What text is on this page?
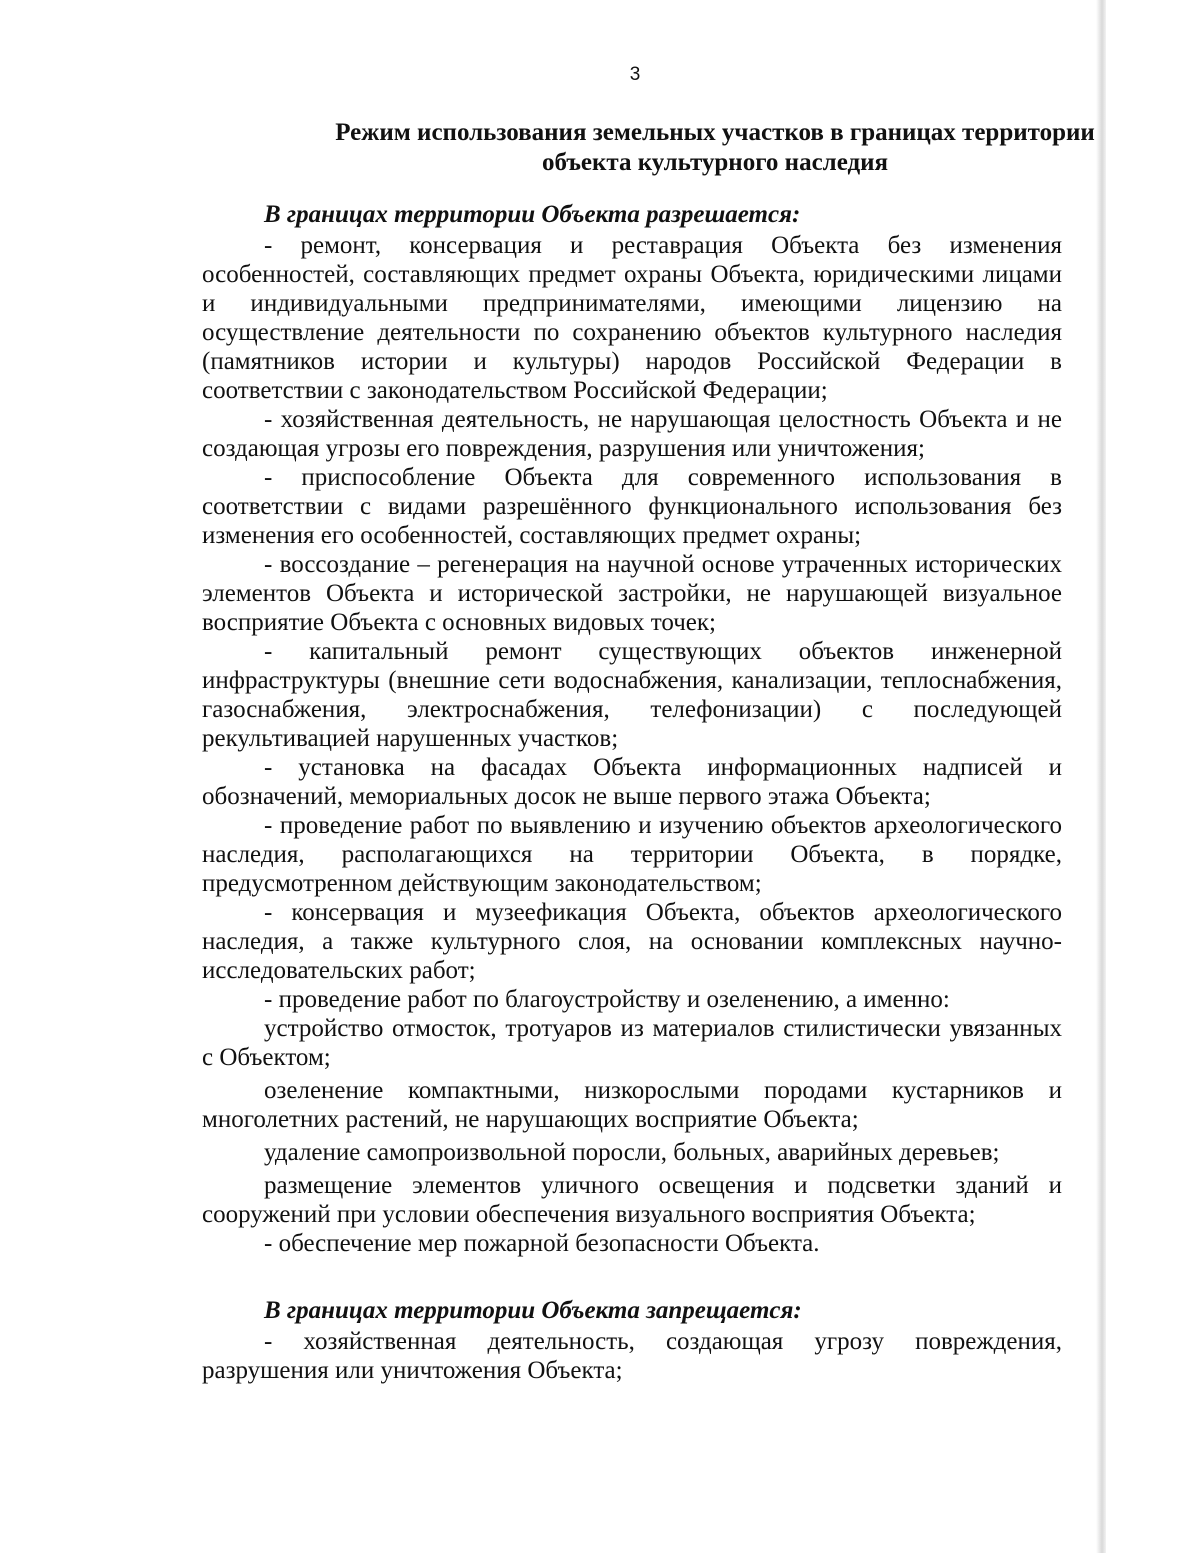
3
Режим использования земельных участков в границах территории
объекта культурного наследия

В границах территории Объекта разрешается:

- ремонт, консервация и реставрация Объекта без изменения особенностей, составляющих предмет охраны Объекта, юридическими лицами и индивидуальными предпринимателями, имеющими лицензию на осуществление деятельности по сохранению объектов культурного наследия (памятников истории и культуры) народов Российской Федерации в соответствии с законодательством Российской Федерации;

- хозяйственная деятельность, не нарушающая целостность Объекта и не создающая угрозы его повреждения, разрушения или уничтожения;

- приспособление Объекта для современного использования в соответствии с видами разрешённого функционального использования без изменения его особенностей, составляющих предмет охраны;

- воссоздание – регенерация на научной основе утраченных исторических элементов Объекта и исторической застройки, не нарушающей визуальное восприятие Объекта с основных видовых точек;

- капитальный ремонт существующих объектов инженерной инфраструктуры (внешние сети водоснабжения, канализации, теплоснабжения, газоснабжения, электроснабжения, телефонизации) с последующей рекультивацией нарушенных участков;

- установка на фасадах Объекта информационных надписей и обозначений, мемориальных досок не выше первого этажа Объекта;

- проведение работ по выявлению и изучению объектов археологического наследия, располагающихся на территории Объекта, в порядке, предусмотренном действующим законодательством;

- консервация и музеефикация Объекта, объектов археологического наследия, а также культурного слоя, на основании комплексных научно-исследовательских работ;

- проведение работ по благоустройству и озеленению, а именно:

устройство отмосток, тротуаров из материалов стилистически увязанных с Объектом;

озеленение компактными, низкорослыми породами кустарников и многолетних растений, не нарушающих восприятие Объекта;

удаление самопроизвольной поросли, больных, аварийных деревьев;

размещение элементов уличного освещения и подсветки зданий и сооружений при условии обеспечения визуального восприятия Объекта;

- обеспечение мер пожарной безопасности Объекта.

В границах территории Объекта запрещается:

- хозяйственная деятельность, создающая угрозу повреждения, разрушения или уничтожения Объекта;
